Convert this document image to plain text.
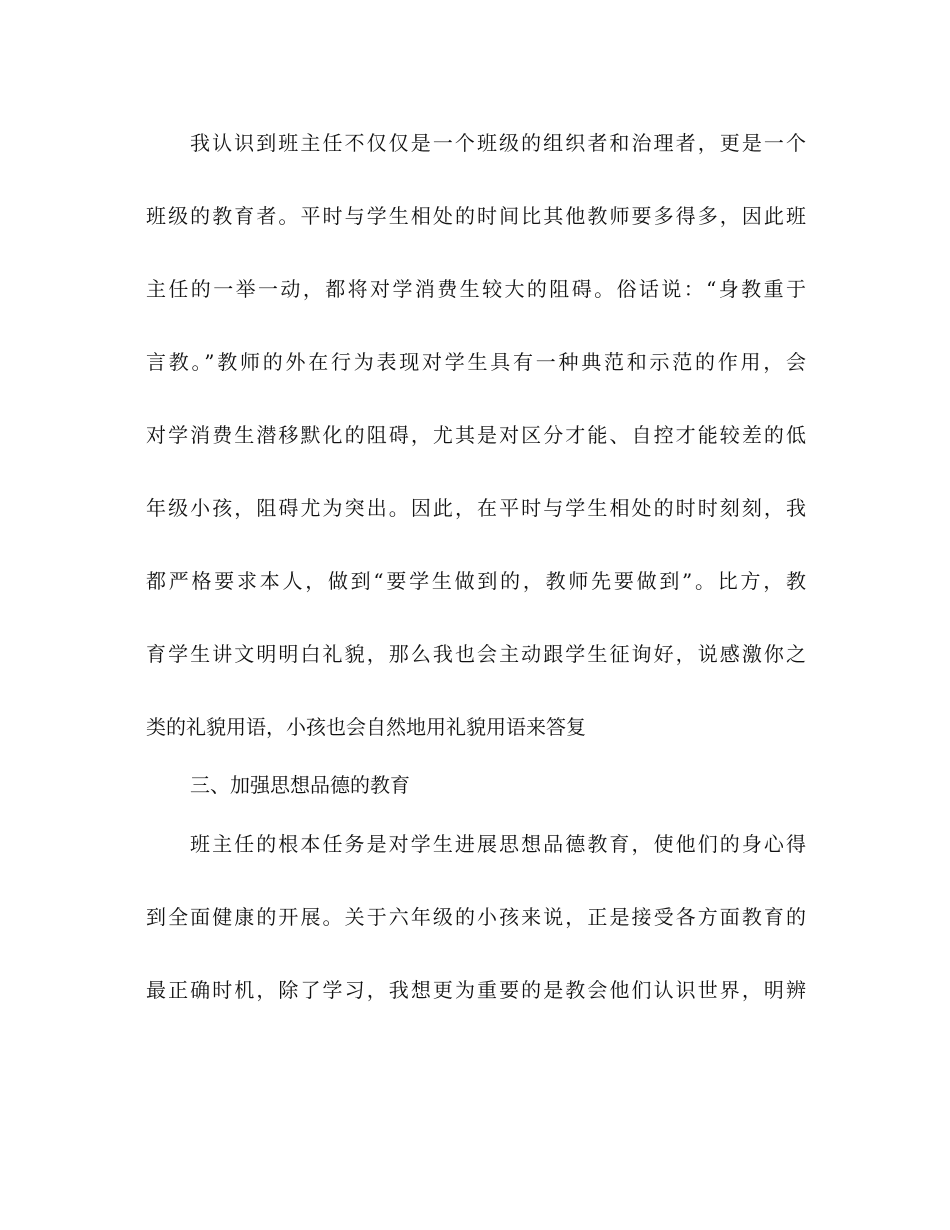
我认识到班主任不仅仅是一个班级的组织者和治理者，更是一个
班级的教育者。平时与学生相处的时间比其他教师要多得多，因此班
主任的一举一动，都将对学消费生较大的阻碍。俗话说：“身教重于
言教。”教师的外在行为表现对学生具有一种典范和示范的作用，会
对学消费生潜移默化的阻碍，尤其是对区分才能、自控才能较差的低
年级小孩，阻碍尤为突出。因此，在平时与学生相处的时时刻刻，我
都严格要求本人，做到“要学生做到的，教师先要做到”。比方，教
育学生讲文明明白礼貌，那么我也会主动跟学生征询好，说感激你之
类的礼貌用语，小孩也会自然地用礼貌用语来答复
三、加强思想品德的教育
班主任的根本任务是对学生进展思想品德教育，使他们的身心得
到全面健康的开展。关于六年级的小孩来说，正是接受各方面教育的
最正确时机，除了学习，我想更为重要的是教会他们认识世界，明辨
